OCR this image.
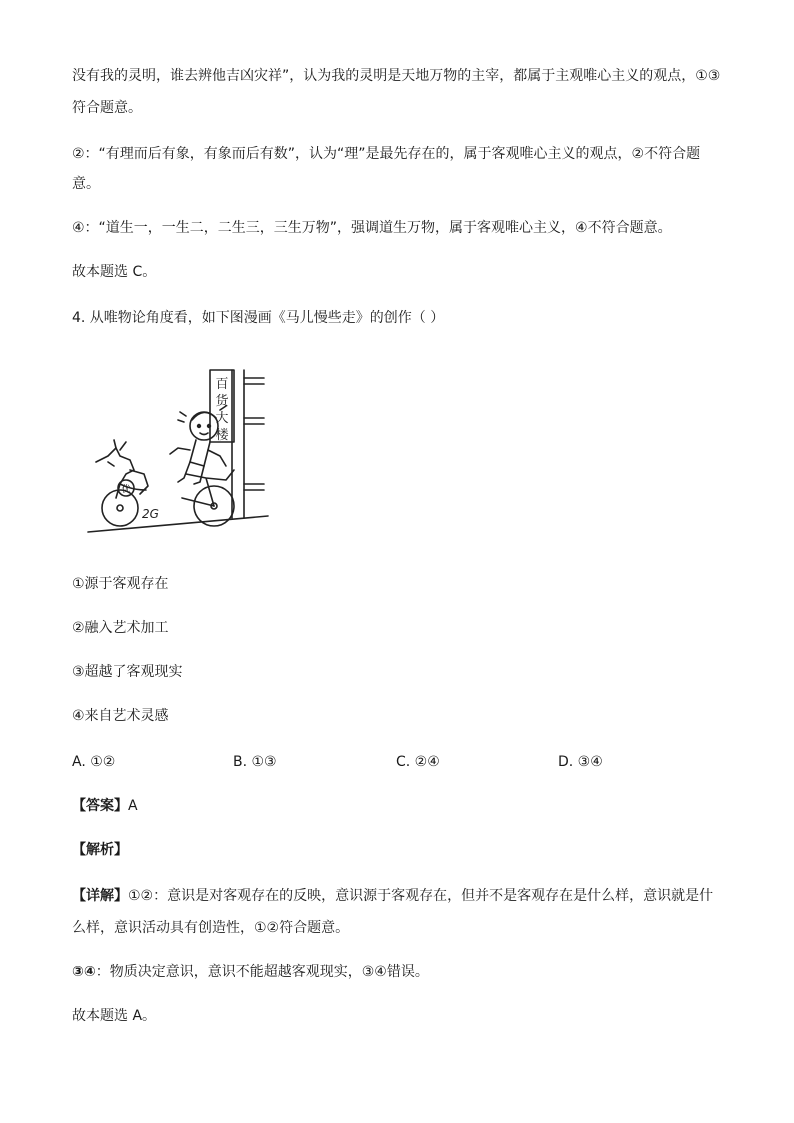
没有我的灵明，谁去辨他吉凶灾祥”，认为我的灵明是天地万物的主宰，都属于主观唯心主义的观点，①③
符合题意。
②：“有理而后有象，有象而后有数”，认为“理”是最先存在的，属于客观唯心主义的观点，②不符合题
意。
④：“道生一，一生二，二生三，三生万物”，强调道生万物，属于客观唯心主义，④不符合题意。
故本题选 C。
4. 从唯物论角度看，如下图漫画《马儿慢些走》的创作（ ）
百
货
大
楼
优
2G
①源于客观存在
②融入艺术加工
③超越了客观现实
④来自艺术灵感
A. ①②	B. ①③	C. ②④	D. ③④
【答案】A
【解析】
【详解】①②：意识是对客观存在的反映，意识源于客观存在，但并不是客观存在是什么样，意识就是什
么样，意识活动具有创造性，①②符合题意。
③④：物质决定意识，意识不能超越客观现实，③④错误。
故本题选 A。
